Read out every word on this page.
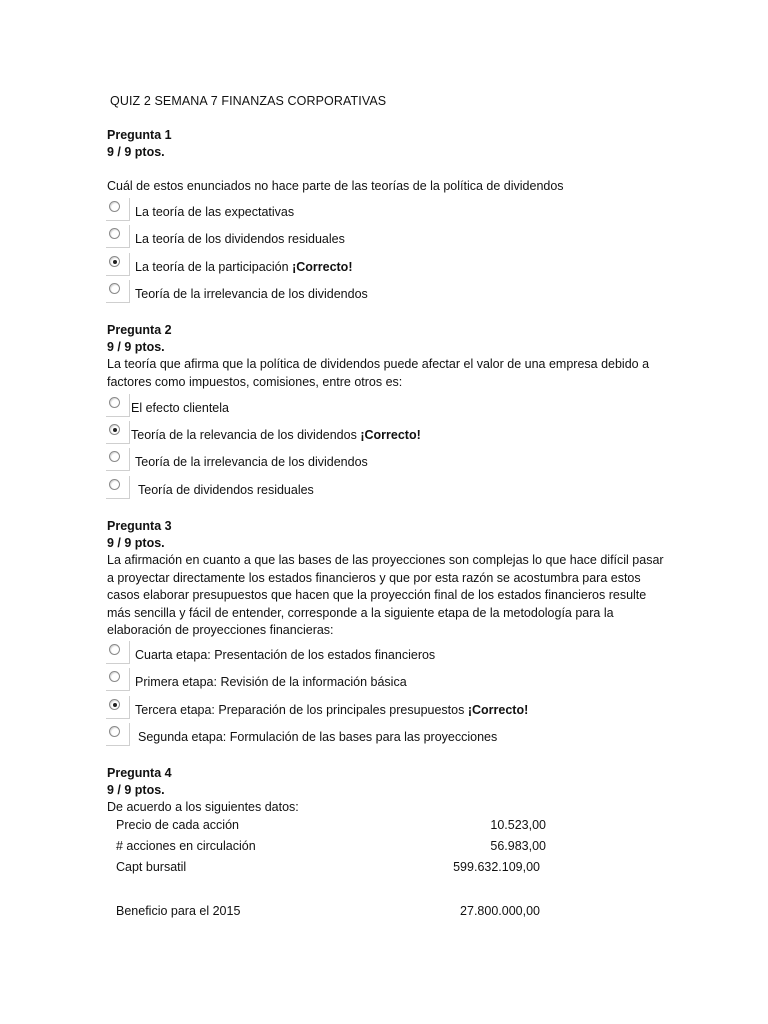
QUIZ 2 SEMANA 7 FINANZAS CORPORATIVAS
Pregunta 1
9 / 9 ptos.
Cuál de estos enunciados no hace parte de las teorías de la política de dividendos
La teoría de las expectativas
La teoría de los dividendos residuales
La teoría de la participación ¡Correcto!
Teoría de la irrelevancia de los dividendos
Pregunta 2
9 / 9 ptos.
La teoría que afirma que la política de dividendos puede afectar el valor de una empresa debido a factores como impuestos, comisiones, entre otros es:
El efecto clientela
Teoría de la relevancia de los dividendos ¡Correcto!
Teoría de la irrelevancia de los dividendos
Teoría de dividendos residuales
Pregunta 3
9 / 9 ptos.
La afirmación en cuanto a que las bases de las proyecciones son complejas lo que hace difícil pasar a proyectar directamente los estados financieros y que por esta razón se acostumbra para estos casos elaborar presupuestos que hacen que la proyección final de los estados financieros resulte más sencilla y fácil de entender, corresponde a la siguiente etapa de la metodología para la elaboración de proyecciones financieras:
Cuarta etapa: Presentación de los estados financieros
Primera etapa: Revisión de la información básica
Tercera etapa: Preparación de los principales presupuestos ¡Correcto!
Segunda etapa: Formulación de las bases para las proyecciones
Pregunta 4
9 / 9 ptos.
De acuerdo a los siguientes datos:
Precio de cada acción	10.523,00
# acciones en circulación	56.983,00
Capt bursatil	599.632.109,00
Beneficio para el 2015	27.800.000,00
